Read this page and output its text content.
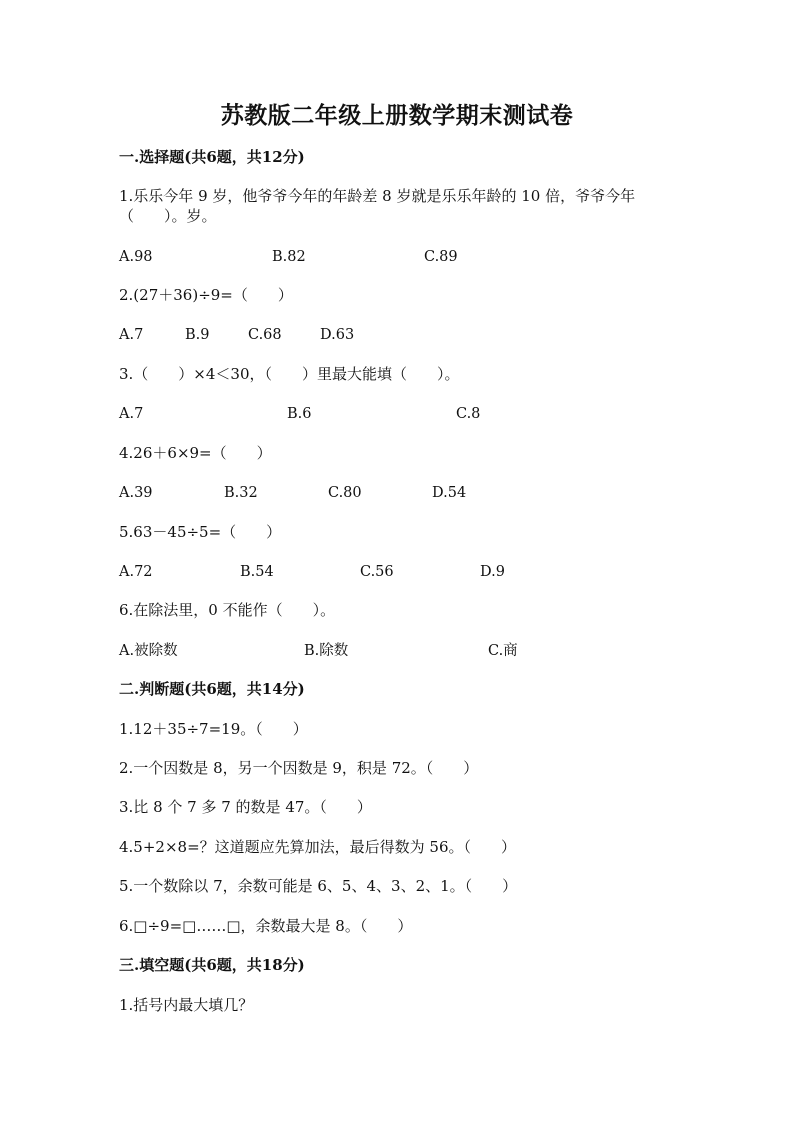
苏教版二年级上册数学期末测试卷
一.选择题(共6题，共12分)
1.乐乐今年 9 岁，他爷爷今年的年龄差 8 岁就是乐乐年龄的 10 倍，爷爷今年
（　　）。岁。
A.98	B.82	C.89
2.(27＋36)÷9=（　　）
A.7	B.9	C.68	D.63
3.（　　）×4＜30，（　　）里最大能填（　　）。
A.7	B.6	C.8
4.26＋6×9=（　　）
A.39	B.32	C.80	D.54
5.63－45÷5=（　　）
A.72	B.54	C.56	D.9
6.在除法里，0 不能作（　　）。
A.被除数	B.除数	C.商
二.判断题(共6题，共14分)
1.12＋35÷7=19。（　　）
2.一个因数是 8，另一个因数是 9，积是 72。（　　）
3.比 8 个 7 多 7 的数是 47。（　　）
4.5+2×8=？这道题应先算加法，最后得数为 56。（　　）
5.一个数除以 7，余数可能是 6、5、4、3、2、1。（　　）
6.□÷9=□……□，余数最大是 8。（　　）
三.填空题(共6题，共18分)
1.括号内最大填几？
